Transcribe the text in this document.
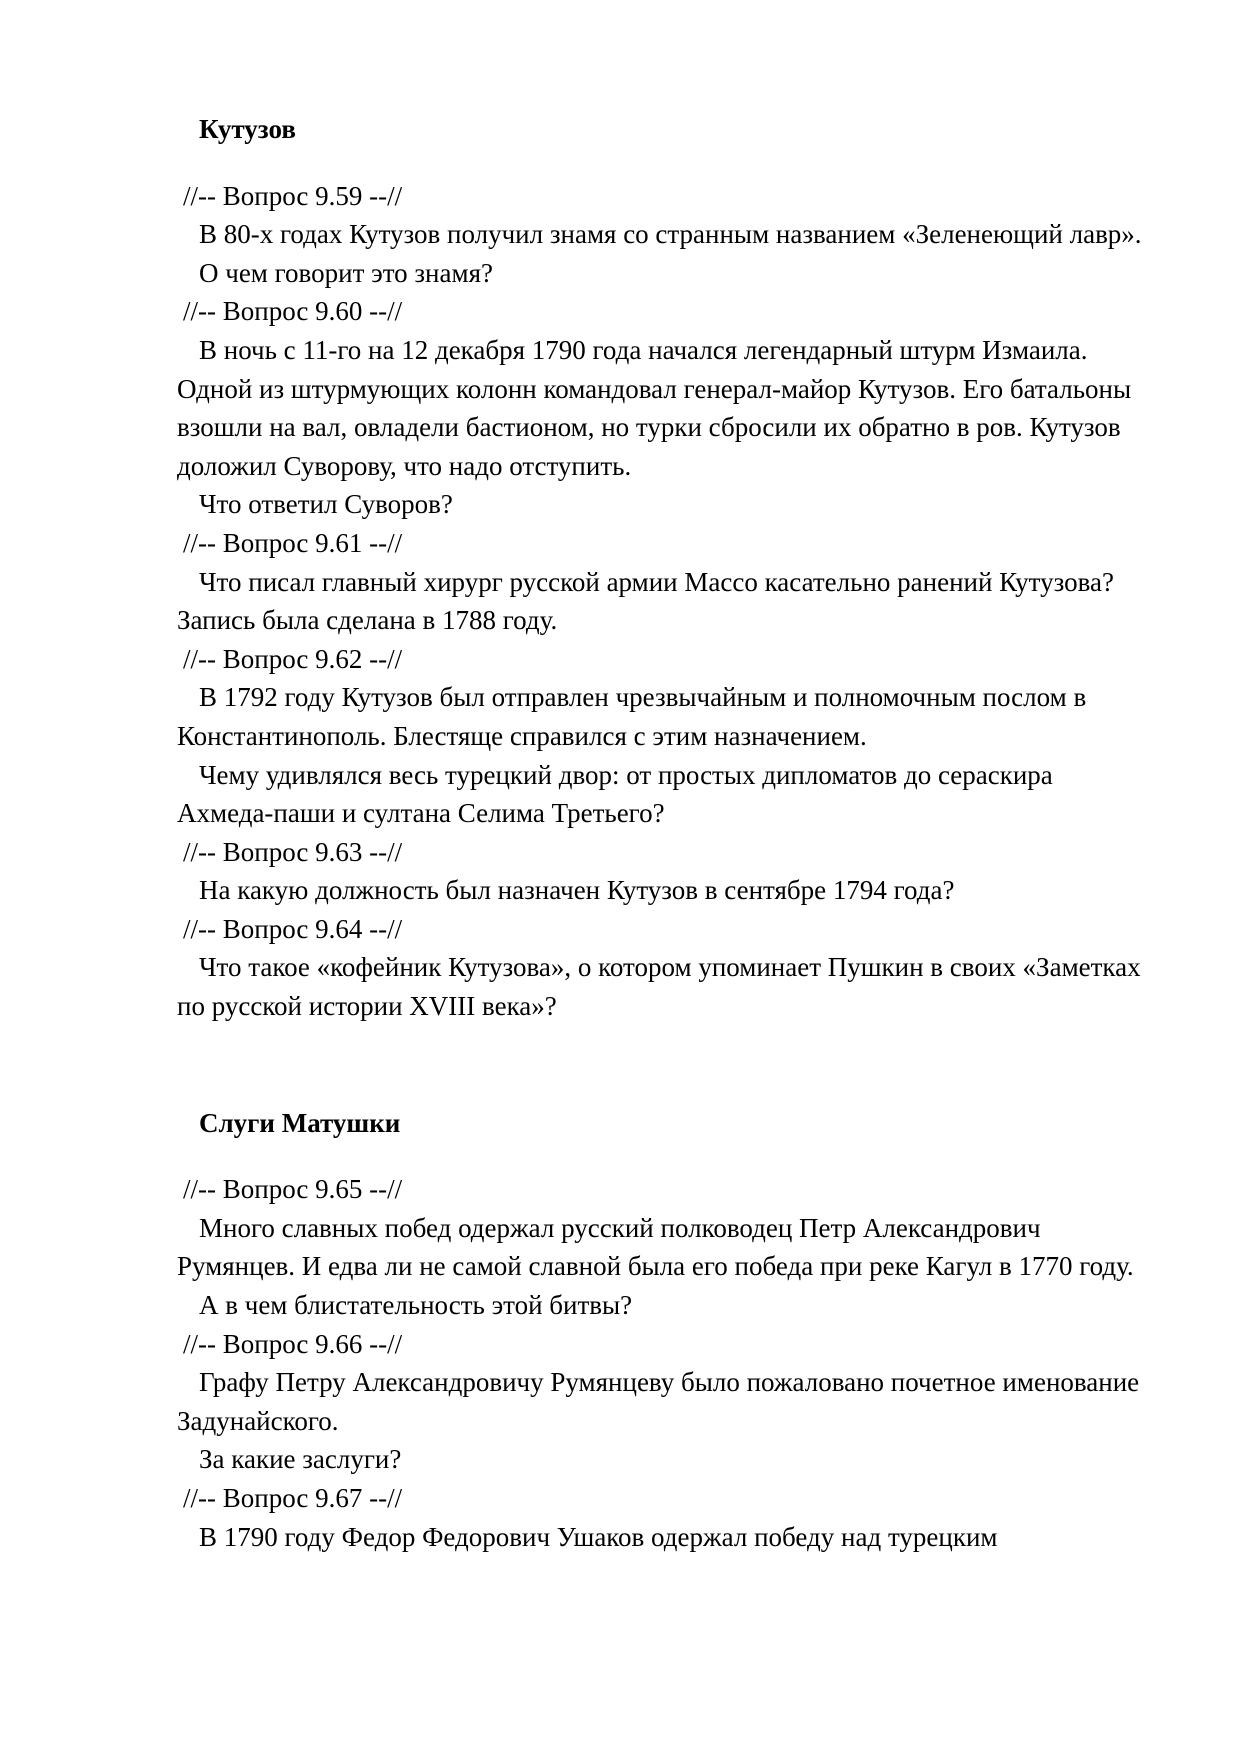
Кутузов

//-- Вопрос 9.59 --//

В 80-х годах Кутузов получил знамя со странным названием «Зеленеющий лавр».

О чем говорит это знамя?

//-- Вопрос 9.60 --//

В ночь с 11-го на 12 декабря 1790 года начался легендарный штурм Измаила. Одной из штурмующих колонн командовал генерал-майор Кутузов. Его батальоны взошли на вал, овладели бастионом, но турки сбросили их обратно в ров. Кутузов доложил Суворову, что надо отступить.

Что ответил Суворов?

//-- Вопрос 9.61 --//

Что писал главный хирург русской армии Массо касательно ранений Кутузова? Запись была сделана в 1788 году.

//-- Вопрос 9.62 --//

В 1792 году Кутузов был отправлен чрезвычайным и полномочным послом в Константинополь. Блестяще справился с этим назначением.

Чему удивлялся весь турецкий двор: от простых дипломатов до сераскира Ахмеда-паши и султана Селима Третьего?

//-- Вопрос 9.63 --//

На какую должность был назначен Кутузов в сентябре 1794 года?

//-- Вопрос 9.64 --//

Что такое «кофейник Кутузова», о котором упоминает Пушкин в своих «Заметках по русской истории XVIII века»?

Слуги Матушки

//-- Вопрос 9.65 --//

Много славных побед одержал русский полководец Петр Александрович Румянцев. И едва ли не самой славной была его победа при реке Кагул в 1770 году.

А в чем блистательность этой битвы?

//-- Вопрос 9.66 --//

Графу Петру Александровичу Румянцеву было пожаловано почетное именование Задунайского.

За какие заслуги?

//-- Вопрос 9.67 --//

В 1790 году Федор Федорович Ушаков одержал победу над турецким
